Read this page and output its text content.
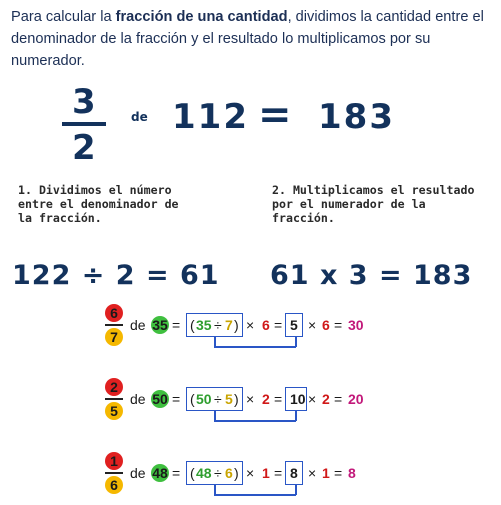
Para calcular la fracción de una cantidad, dividimos la cantidad entre el denominador de la fracción y el resultado lo multiplicamos por su numerador.
3
2
de 112 = 183
1. Dividimos el número
entre el denominador de
la fracción.
2. Multiplicamos el resultado
por el numerador de la
fracción.
122 ÷ 2 = 61 61 x 3 = 183
6
7
de 35 = ( 35 ÷ 7 ) × 6 = 5 × 6 = 30
2
5
de 50 = ( 50 ÷ 5 ) × 2 = 10 × 2 = 20
1
6
de 48 = ( 48 ÷ 6 ) × 1 = 8 × 1 = 8
